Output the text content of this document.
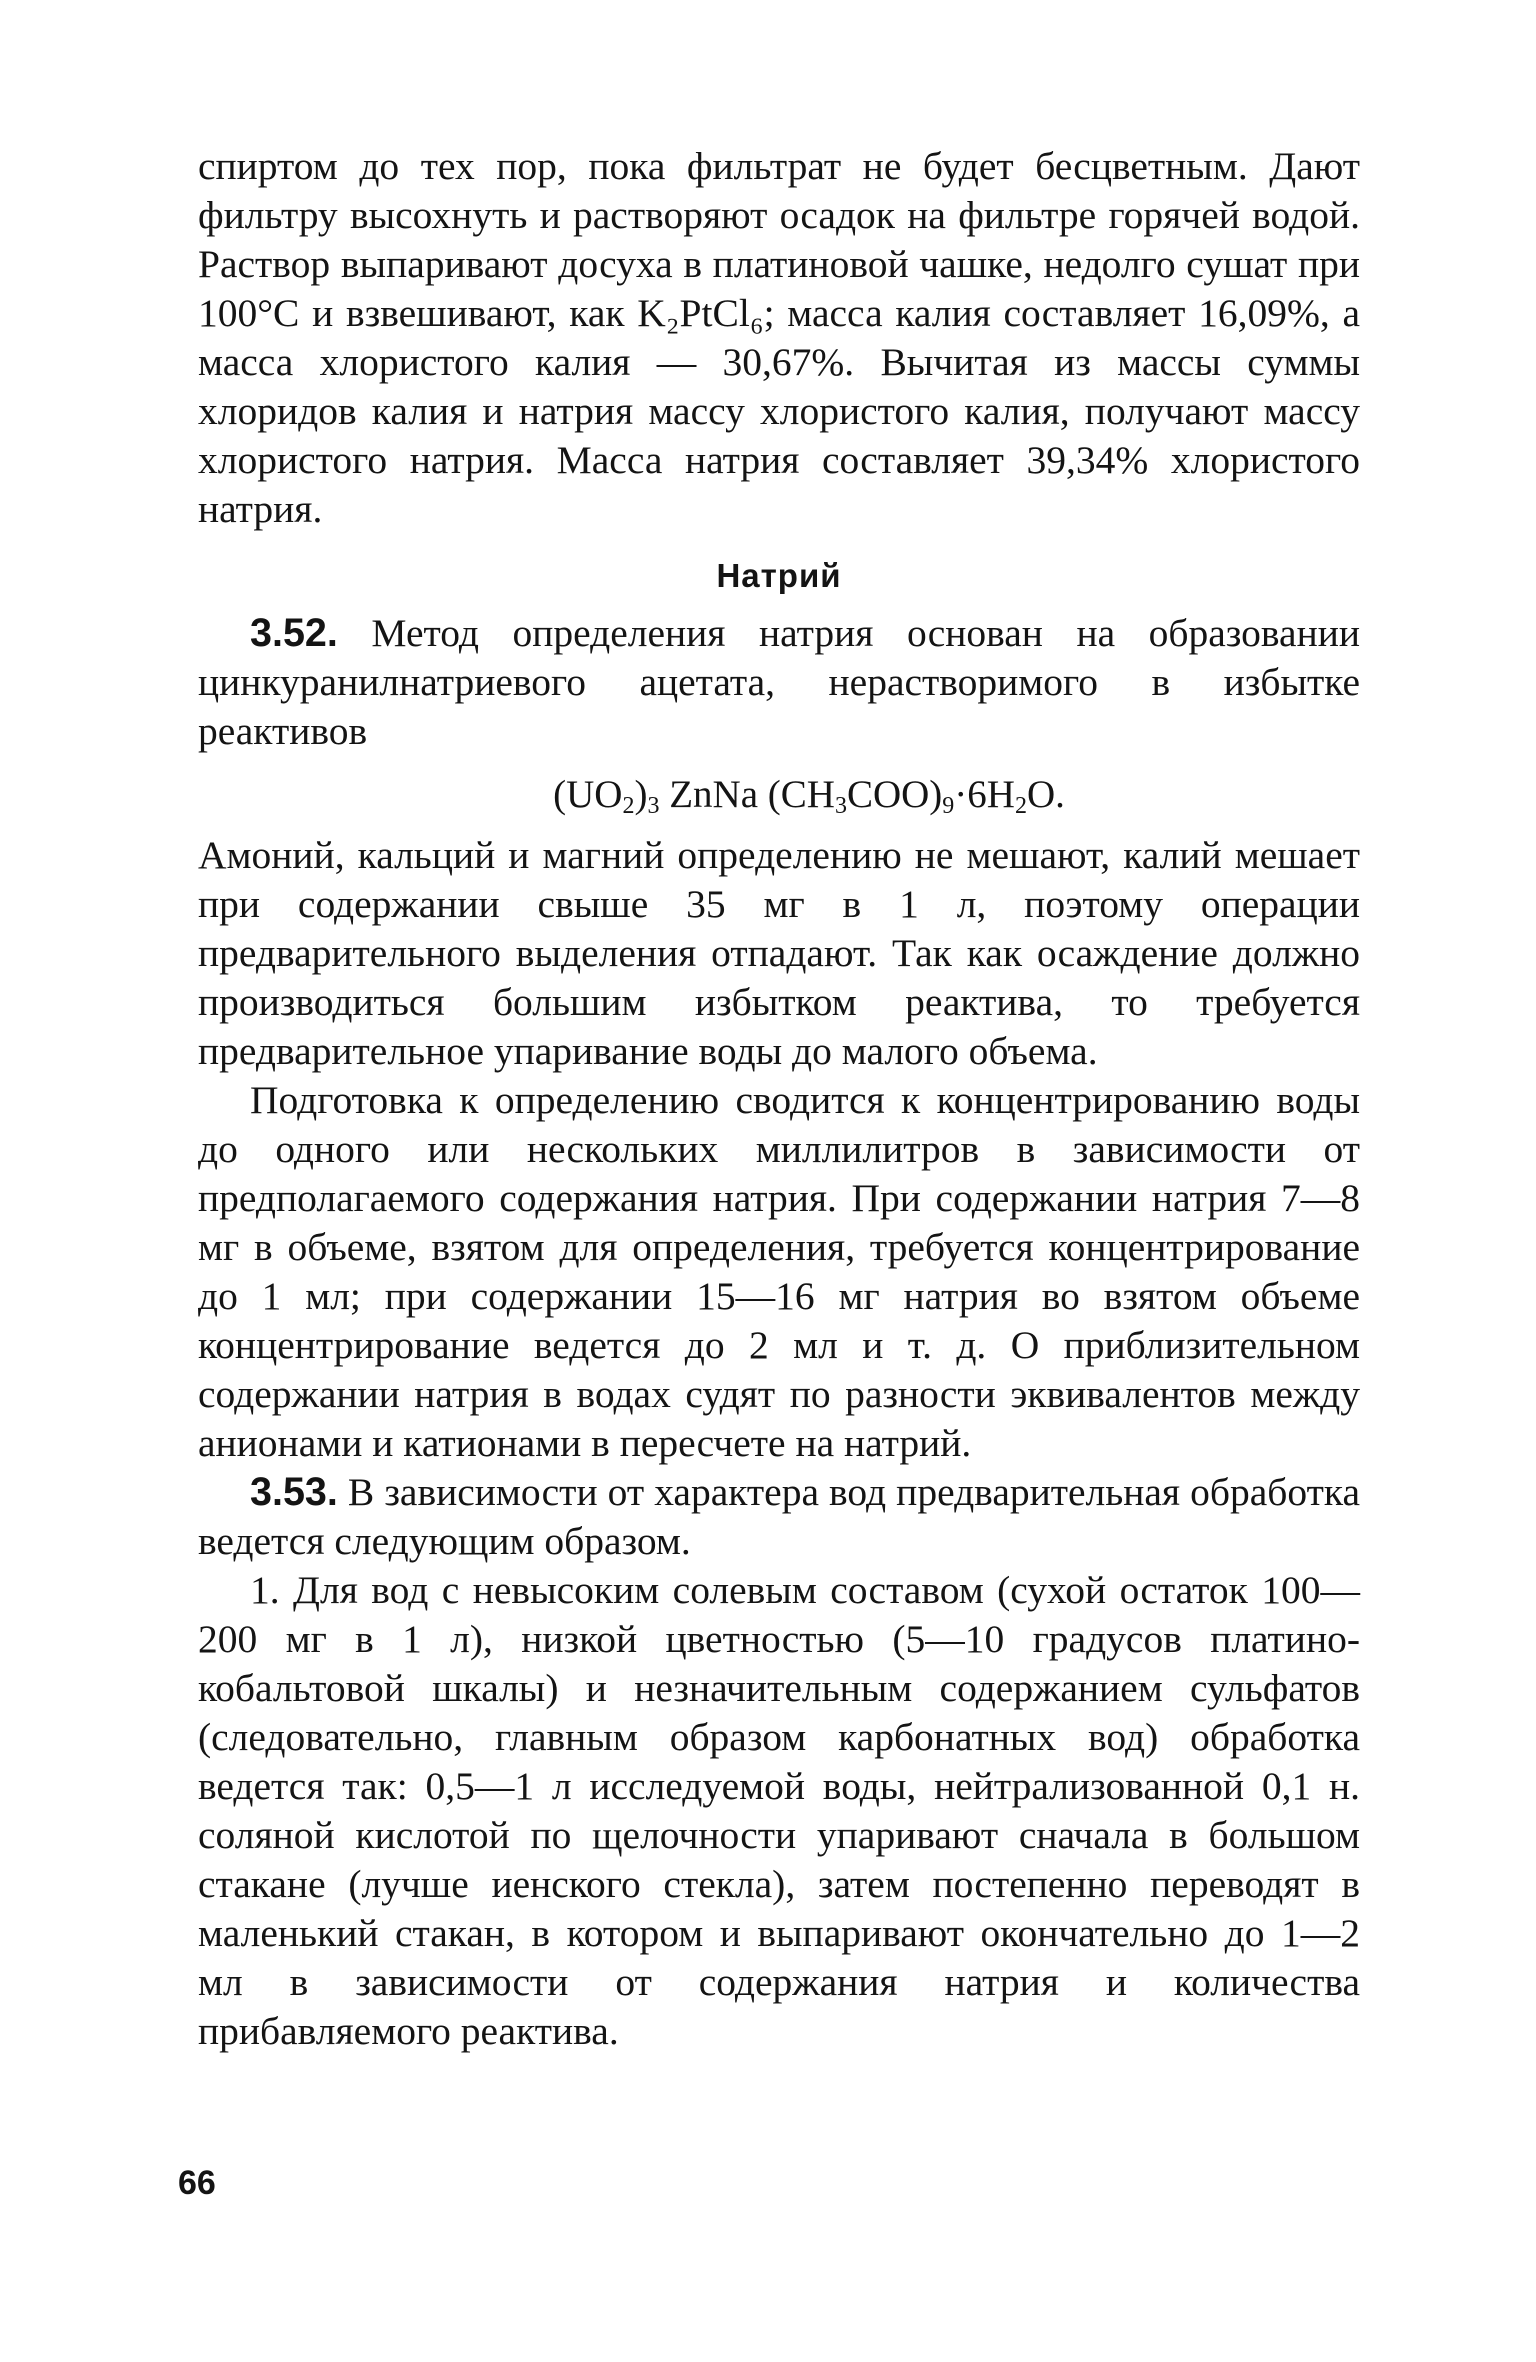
спиртом до тех пор, пока фильтрат не будет бесцветным. Дают фильтру высохнуть и растворяют осадок на фильтре горячей водой. Раствор выпаривают досуха в платиновой чашке, недолго сушат при 100°С и взвешивают, как K₂PtCl₆; масса калия составляет 16,09%, а масса хлористого калия — 30,67%. Вычитая из массы суммы хлоридов калия и натрия массу хлористого калия, получают массу хлористого натрия. Масса натрия составляет 39,34% хлористого натрия.

Натрий

3.52. Метод определения натрия основан на образовании цинкуранилнатриевого ацетата, нерастворимого в избытке реактивов

$(UO_2)_3$ ZnNa $(CH_3COO)_9\cdot 6H_2O$.

Амоний, кальций и магний определению не мешают, калий мешает при содержании свыше 35 мг в 1 л, поэтому операции предварительного выделения отпадают. Так как осаждение должно производиться большим избытком реактива, то требуется предварительное упаривание воды до малого объема.

Подготовка к определению сводится к концентрированию воды до одного или нескольких миллилитров в зависимости от предполагаемого содержания натрия. При содержании натрия 7—8 мг в объеме, взятом для определения, требуется концентрирование до 1 мл; при содержании 15—16 мг натрия во взятом объеме концентрирование ведется до 2 мл и т. д. О приблизительном содержании натрия в водах судят по разности эквивалентов между анионами и катионами в пересчете на натрий.

3.53. В зависимости от характера вод предварительная обработка ведется следующим образом.

1. Для вод с невысоким солевым составом (сухой остаток 100—200 мг в 1 л), низкой цветностью (5—10 градусов платино-кобальтовой шкалы) и незначительным содержанием сульфатов (следовательно, главным образом карбонатных вод) обработка ведется так: 0,5—1 л исследуемой воды, нейтрализованной 0,1 н. соляной кислотой по щелочности упаривают сначала в большом стакане (лучше иенского стекла), затем постепенно переводят в маленький стакан, в котором и выпаривают окончательно до 1—2 мл в зависимости от содержания натрия и количества прибавляемого реактива.

66
